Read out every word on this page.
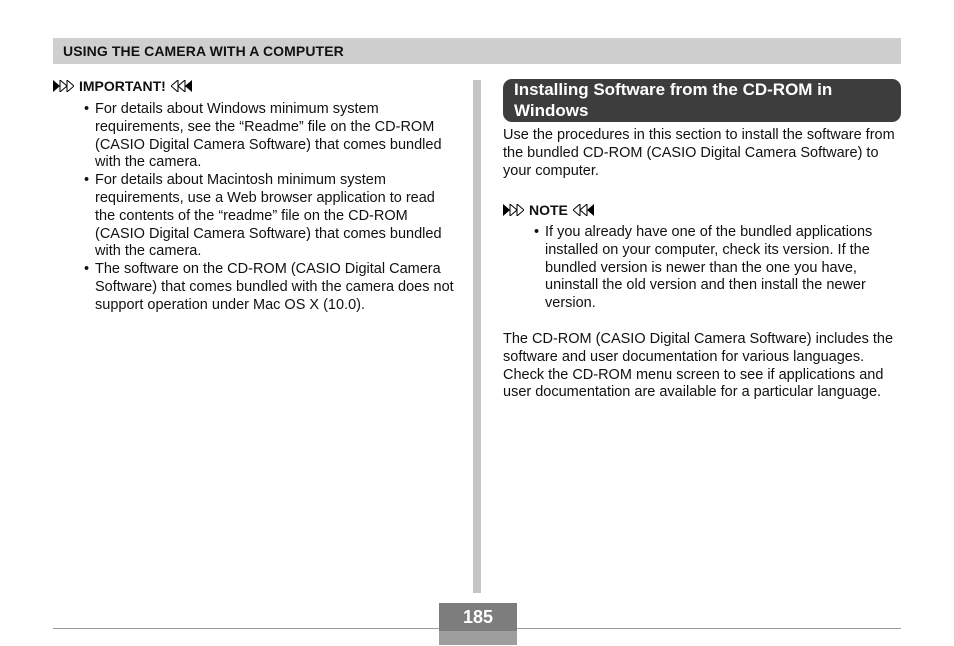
USING THE CAMERA WITH A COMPUTER
IMPORTANT!
• For details about Windows minimum system requirements, see the “Readme” file on the CD-ROM (CASIO Digital Camera Software) that comes bundled with the camera.
• For details about Macintosh minimum system requirements, use a Web browser application to read the contents of the “readme” file on the CD-ROM (CASIO Digital Camera Software) that comes bundled with the camera.
• The software on the CD-ROM (CASIO Digital Camera Software) that comes bundled with the camera does not support operation under Mac OS X (10.0).
Installing Software from the CD-ROM in Windows

Use the procedures in this section to install the software from the bundled CD-ROM (CASIO Digital Camera Software) to your computer.

NOTE
• If you already have one of the bundled applications installed on your computer, check its version. If the bundled version is newer than the one you have, uninstall the old version and then install the newer version.

The CD-ROM (CASIO Digital Camera Software) includes the software and user documentation for various languages. Check the CD-ROM menu screen to see if applications and user documentation are available for a particular language.

185
